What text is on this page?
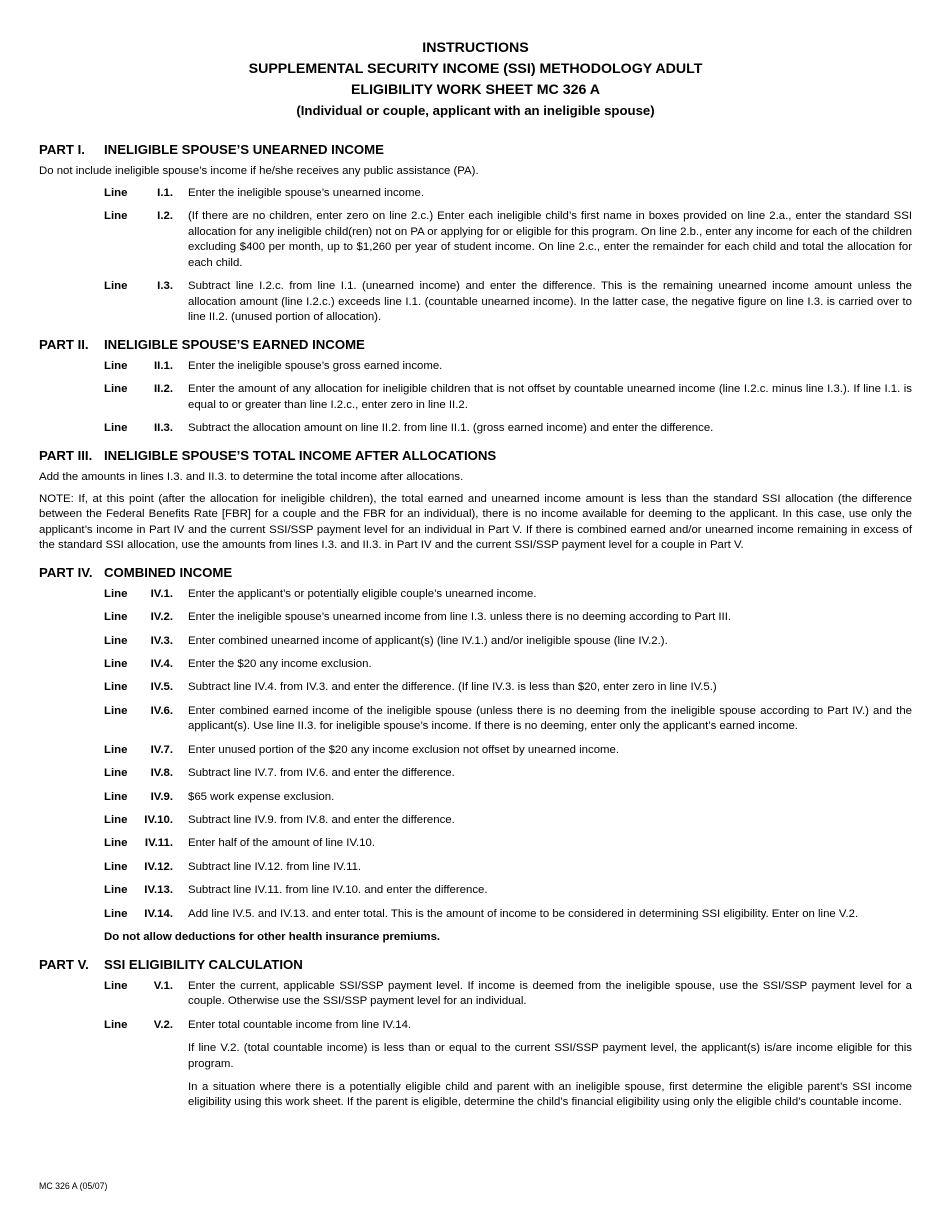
INSTRUCTIONS
SUPPLEMENTAL SECURITY INCOME (SSI) METHODOLOGY ADULT
ELIGIBILITY WORK SHEET MC 326 A
(Individual or couple, applicant with an ineligible spouse)
PART I. INELIGIBLE SPOUSE’S UNEARNED INCOME
Do not include ineligible spouse’s income if he/she receives any public assistance (PA).
Line	I.1. Enter the ineligible spouse’s unearned income.
Line	I.2. (If there are no children, enter zero on line 2.c.) Enter each ineligible child’s first name in boxes provided on line 2.a., enter the standard SSI allocation for any ineligible child(ren) not on PA or applying for or eligible for this program. On line 2.b., enter any income for each of the children excluding $400 per month, up to $1,260 per year of student income. On line 2.c., enter the remainder for each child and total the allocation for each child.
Line	I.3. Subtract line I.2.c. from line I.1. (unearned income) and enter the difference. This is the remaining unearned income amount unless the allocation amount (line I.2.c.) exceeds line I.1. (countable unearned income). In the latter case, the negative figure on line I.3. is carried over to line II.2. (unused portion of allocation).
PART II. INELIGIBLE SPOUSE’S EARNED INCOME
Line	II.1. Enter the ineligible spouse’s gross earned income.
Line	II.2. Enter the amount of any allocation for ineligible children that is not offset by countable unearned income (line I.2.c. minus line I.3.). If line I.1. is equal to or greater than line I.2.c., enter zero in line II.2.
Line	II.3. Subtract the allocation amount on line II.2. from line II.1. (gross earned income) and enter the difference.
PART III. INELIGIBLE SPOUSE’S TOTAL INCOME AFTER ALLOCATIONS
Add the amounts in lines I.3. and II.3. to determine the total income after allocations.
NOTE: If, at this point (after the allocation for ineligible children), the total earned and unearned income amount is less than the standard SSI allocation (the difference between the Federal Benefits Rate [FBR] for a couple and the FBR for an individual), there is no income available for deeming to the applicant. In this case, use only the applicant’s income in Part IV and the current SSI/SSP payment level for an individual in Part V. If there is combined earned and/or unearned income remaining in excess of the standard SSI allocation, use the amounts from lines I.3. and II.3. in Part IV and the current SSI/SSP payment level for a couple in Part V.
PART IV. COMBINED INCOME
Line	IV.1. Enter the applicant’s or potentially eligible couple’s unearned income.
Line	IV.2. Enter the ineligible spouse’s unearned income from line I.3. unless there is no deeming according to Part III.
Line	IV.3. Enter combined unearned income of applicant(s) (line IV.1.) and/or ineligible spouse (line IV.2.).
Line	IV.4. Enter the $20 any income exclusion.
Line	IV.5. Subtract line IV.4. from IV.3. and enter the difference. (If line IV.3. is less than $20, enter zero in line IV.5.)
Line	IV.6. Enter combined earned income of the ineligible spouse (unless there is no deeming from the ineligible spouse according to Part IV.) and the applicant(s). Use line II.3. for ineligible spouse’s income. If there is no deeming, enter only the applicant’s earned income.
Line	IV.7. Enter unused portion of the $20 any income exclusion not offset by unearned income.
Line	IV.8. Subtract line IV.7. from IV.6. and enter the difference.
Line	IV.9. $65 work expense exclusion.
Line	IV.10. Subtract line IV.9. from IV.8. and enter the difference.
Line	IV.11. Enter half of the amount of line IV.10.
Line	IV.12. Subtract line IV.12. from line IV.11.
Line	IV.13. Subtract line IV.11. from line IV.10. and enter the difference.
Line	IV.14. Add line IV.5. and IV.13. and enter total. This is the amount of income to be considered in determining SSI eligibility. Enter on line V.2.
Do not allow deductions for other health insurance premiums.
PART V. SSI ELIGIBILITY CALCULATION
Line	V.1. Enter the current, applicable SSI/SSP payment level. If income is deemed from the ineligible spouse, use the SSI/SSP payment level for a couple. Otherwise use the SSI/SSP payment level for an individual.
Line	V.2. Enter total countable income from line IV.14.
If line V.2. (total countable income) is less than or equal to the current SSI/SSP payment level, the applicant(s) is/are income eligible for this program.
In a situation where there is a potentially eligible child and parent with an ineligible spouse, first determine the eligible parent’s SSI income eligibility using this work sheet. If the parent is eligible, determine the child’s financial eligibility using only the eligible child’s countable income.
MC 326 A (05/07)
